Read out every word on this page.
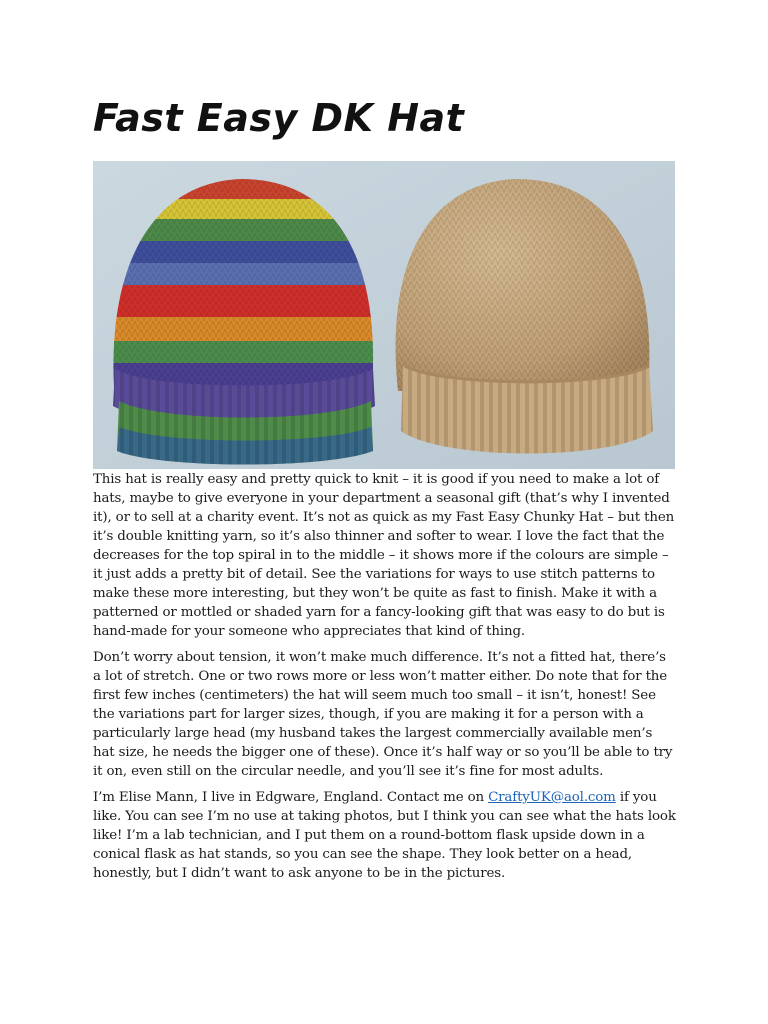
Fast Easy DK Hat

This hat is really easy and pretty quick to knit – it is good if you need to make a lot of hats, maybe to give everyone in your department a seasonal gift (that’s why I invented it), or to sell at a charity event. It’s not as quick as my Fast Easy Chunky Hat – but then it’s double knitting yarn, so it’s also thinner and softer to wear. I love the fact that the decreases for the top spiral in to the middle – it shows more if the colours are simple – it just adds a pretty bit of detail. See the variations for ways to use stitch patterns to make these more interesting, but they won’t be quite as fast to finish. Make it with a patterned or mottled or shaded yarn for a fancy-looking gift that was easy to do but is hand-made for your someone who appreciates that kind of thing.

Don’t worry about tension, it won’t make much difference. It’s not a fitted hat, there’s a lot of stretch. One or two rows more or less won’t matter either. Do note that for the first few inches (centimeters) the hat will seem much too small – it isn’t, honest! See the variations part for larger sizes, though, if you are making it for a person with a particularly large head (my husband takes the largest commercially available men’s hat size, he needs the bigger one of these). Once it’s half way or so you’ll be able to try it on, even still on the circular needle, and you’ll see it’s fine for most adults.

I’m Elise Mann, I live in Edgware, England. Contact me on CraftyUK@aol.com if you like. You can see I’m no use at taking photos, but I think you can see what the hats look like! I’m a lab technician, and I put them on a round-bottom flask upside down in a conical flask as hat stands, so you can see the shape. They look better on a head, honestly, but I didn’t want to ask anyone to be in the pictures.
